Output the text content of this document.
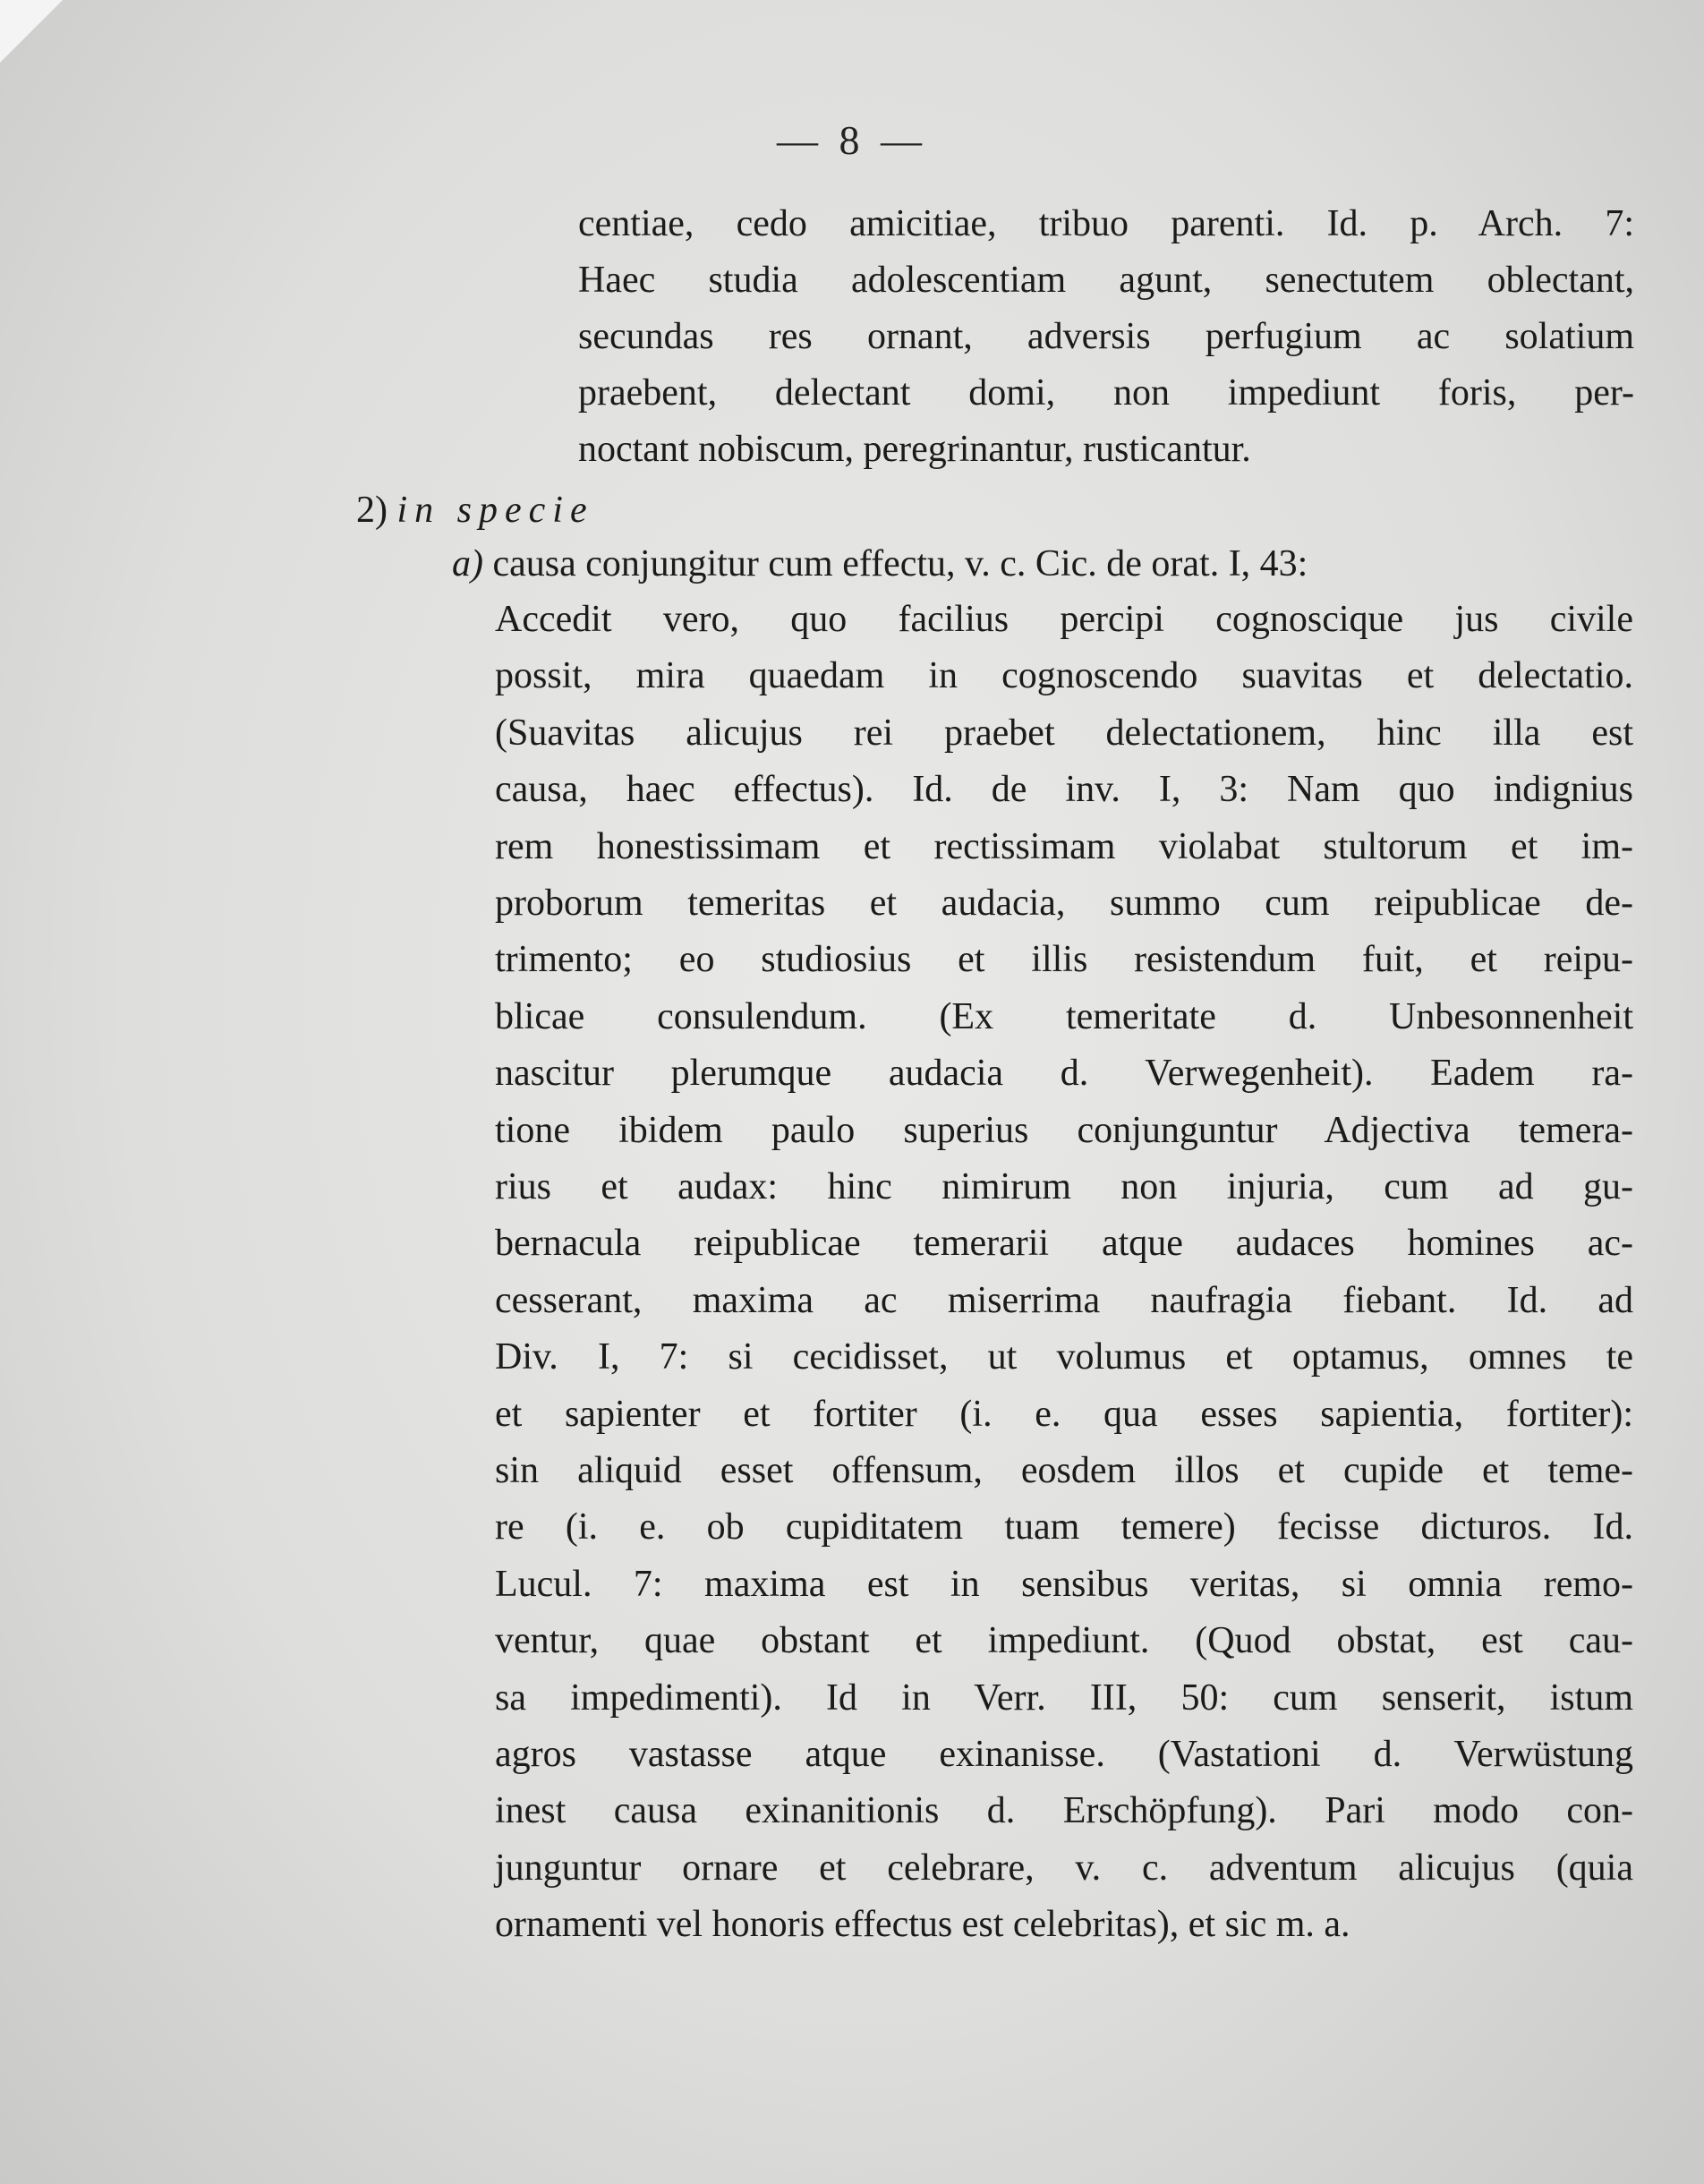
— 8 —
centiae, cedo amicitiae, tribuo parenti. Id. p. Arch. 7:
Haec studia adolescentiam agunt, senectutem oblectant,
secundas res ornant, adversis perfugium ac solatium
praebent, delectant domi, non impediunt foris, per-
noctant nobiscum, peregrinantur, rusticantur.
2) in specie
a) causa conjungitur cum effectu, v. c. Cic. de orat. I, 43:
Accedit vero, quo facilius percipi cognoscique jus civile
possit, mira quaedam in cognoscendo suavitas et delectatio.
(Suavitas alicujus rei praebet delectationem, hinc illa est
causa, haec effectus). Id. de inv. I, 3: Nam quo indignius
rem honestissimam et rectissimam violabat stultorum et im-
proborum temeritas et audacia, summo cum reipublicae de-
trimento; eo studiosius et illis resistendum fuit, et reipu-
blicae consulendum. (Ex temeritate d. Unbesonnenheit
nascitur plerumque audacia d. Verwegenheit). Eadem ra-
tione ibidem paulo superius conjunguntur Adjectiva temera-
rius et audax: hinc nimirum non injuria, cum ad gu-
bernacula reipublicae temerarii atque audaces homines ac-
cesserant, maxima ac miserrima naufragia fiebant. Id. ad
Div. I, 7: si cecidisset, ut volumus et optamus, omnes te
et sapienter et fortiter (i. e. qua esses sapientia, fortiter):
sin aliquid esset offensum, eosdem illos et cupide et teme-
re (i. e. ob cupiditatem tuam temere) fecisse dicturos. Id.
Lucul. 7: maxima est in sensibus veritas, si omnia remo-
ventur, quae obstant et impediunt. (Quod obstat, est cau-
sa impedimenti). Id in Verr. III, 50: cum senserit, istum
agros vastasse atque exinanisse. (Vastationi d. Verwüstung
inest causa exinanitionis d. Erschöpfung). Pari modo con-
junguntur ornare et celebrare, v. c. adventum alicujus (quia
ornamenti vel honoris effectus est celebritas), et sic m. a.
